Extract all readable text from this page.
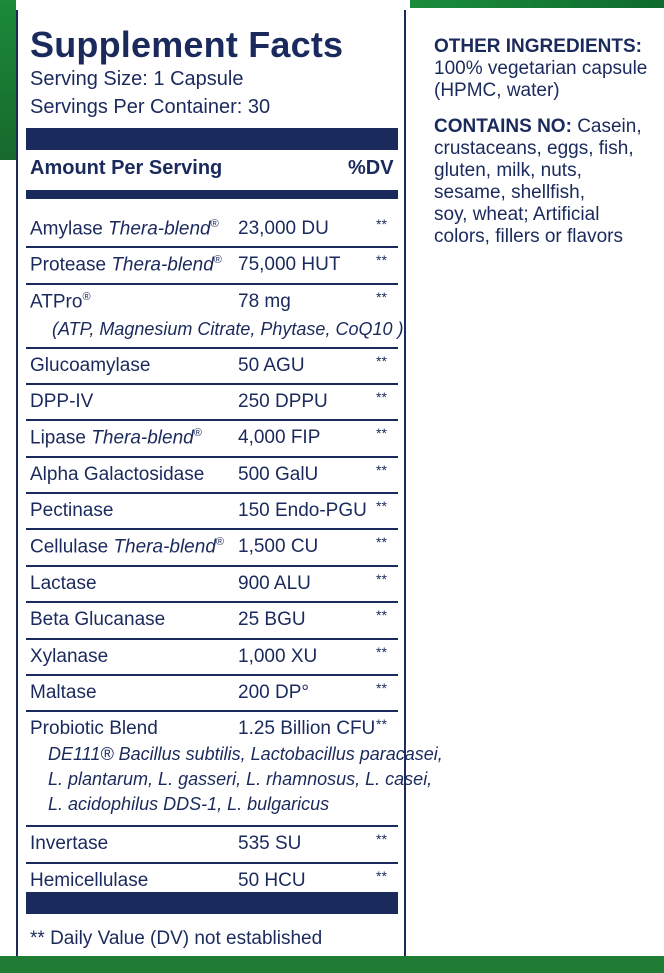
Supplement Facts
Serving Size: 1 Capsule
Servings Per Container: 30
Amount Per Serving	%DV
Amylase Thera-blend® 23,000 DU	**
Protease Thera-blend® 75,000 HUT	**
ATPro®	78 mg	**
(ATP, Magnesium Citrate, Phytase, CoQ10 )
Glucoamylase	50 AGU	**
DPP-IV	250 DPPU	**
Lipase Thera-blend® 4,000 FIP	**
Alpha Galactosidase 500 GalU	**
Pectinase	150 Endo-PGU **
Cellulase Thera-blend® 1,500 CU	**
Lactase	900 ALU	**
Beta Glucanase	25 BGU	**
Xylanase	1,000 XU	**
Maltase	200 DP°	**
Probiotic Blend	1.25 Billion CFU **
DE111® Bacillus subtilis, Lactobacillus paracasei,
L. plantarum, L. gasseri, L. rhamnosus, L. casei,
L. acidophilus DDS-1, L. bulgaricus
Invertase	535 SU	**
Hemicellulase	50 HCU	**
** Daily Value (DV) not established

OTHER INGREDIENTS:

100% vegetarian capsule

(HPMC, water)

CONTAINS NO: Casein,

crustaceans, eggs, fish,

gluten, milk, nuts,

sesame, shellfish,

soy, wheat; Artificial

colors, fillers or flavors
